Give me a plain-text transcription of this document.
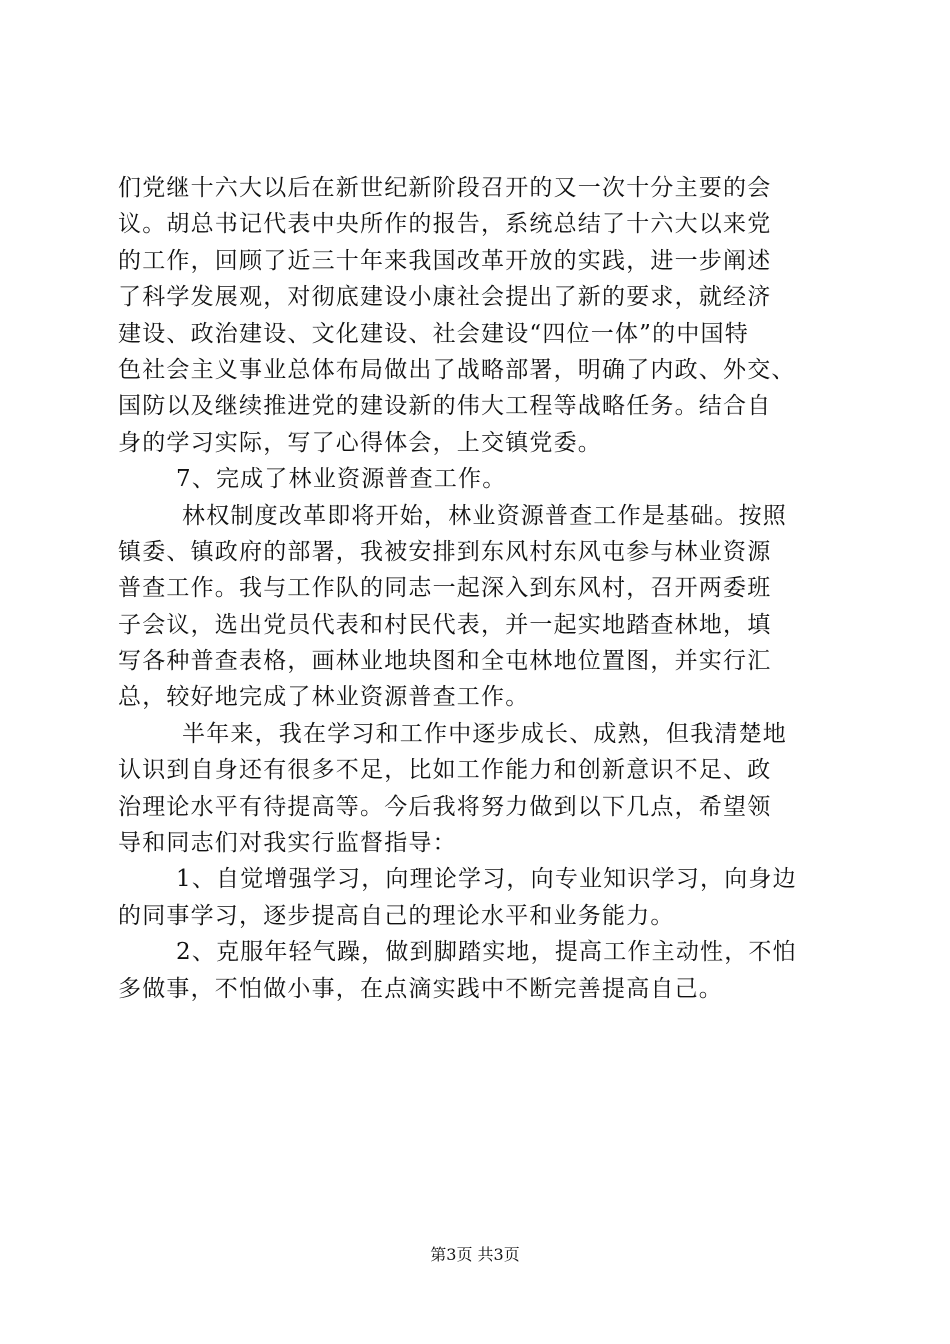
们党继十六大以后在新世纪新阶段召开的又一次十分主要的会
议。胡总书记代表中央所作的报告，系统总结了十六大以来党
的工作，回顾了近三十年来我国改革开放的实践，进一步阐述
了科学发展观，对彻底建设小康社会提出了新的要求，就经济
建设、政治建设、文化建设、社会建设“四位一体”的中国特
色社会主义事业总体布局做出了战略部署，明确了内政、外交、
国防以及继续推进党的建设新的伟大工程等战略任务。结合自
身的学习实际，写了心得体会，上交镇党委。
7、完成了林业资源普查工作。
林权制度改革即将开始，林业资源普查工作是基础。按照
镇委、镇政府的部署，我被安排到东风村东风屯参与林业资源
普查工作。我与工作队的同志一起深入到东风村，召开两委班
子会议，选出党员代表和村民代表，并一起实地踏查林地，填
写各种普查表格，画林业地块图和全屯林地位置图，并实行汇
总，较好地完成了林业资源普查工作。
半年来，我在学习和工作中逐步成长、成熟，但我清楚地
认识到自身还有很多不足，比如工作能力和创新意识不足、政
治理论水平有待提高等。今后我将努力做到以下几点，希望领
导和同志们对我实行监督指导：
1、自觉增强学习，向理论学习，向专业知识学习，向身边
的同事学习，逐步提高自己的理论水平和业务能力。
2、克服年轻气躁，做到脚踏实地，提高工作主动性，不怕
多做事，不怕做小事，在点滴实践中不断完善提高自己。
第3页 共3页
